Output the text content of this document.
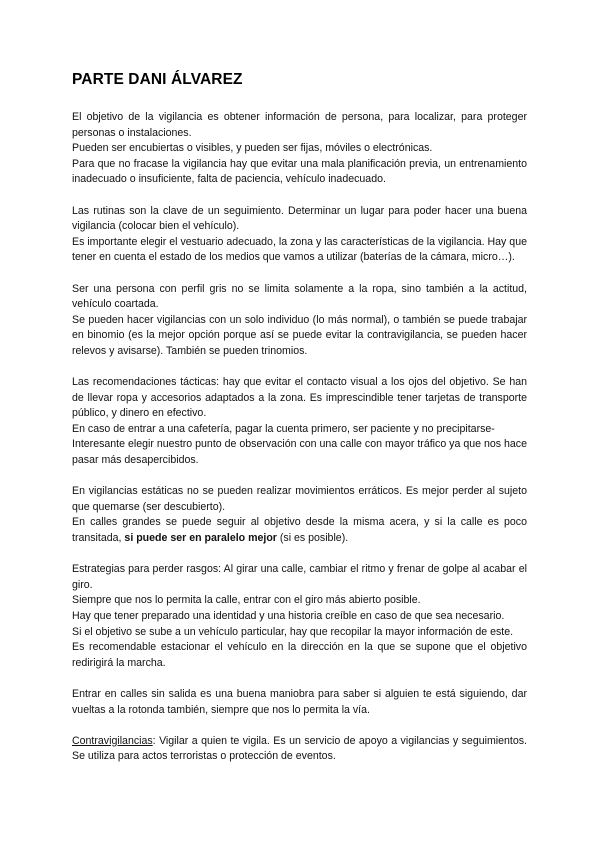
PARTE DANI ÁLVAREZ

El objetivo de la vigilancia es obtener información de persona, para localizar, para proteger personas o instalaciones.

Pueden ser encubiertas o visibles, y pueden ser fijas, móviles o electrónicas.

Para que no fracase la vigilancia hay que evitar una mala planificación previa, un entrenamiento inadecuado o insuficiente, falta de paciencia, vehículo inadecuado.

Las rutinas son la clave de un seguimiento. Determinar un lugar para poder hacer una buena vigilancia (colocar bien el vehículo).

Es importante elegir el vestuario adecuado, la zona y las características de la vigilancia. Hay que tener en cuenta el estado de los medios que vamos a utilizar (baterías de la cámara, micro…).

Ser una persona con perfil gris no se limita solamente a la ropa, sino también a la actitud, vehículo coartada.

Se pueden hacer vigilancias con un solo individuo (lo más normal), o también se puede trabajar en binomio (es la mejor opción porque así se puede evitar la contravigilancia, se pueden hacer relevos y avisarse). También se pueden trinomios.

Las recomendaciones tácticas: hay que evitar el contacto visual a los ojos del objetivo. Se han de llevar ropa y accesorios adaptados a la zona. Es imprescindible tener tarjetas de transporte público, y dinero en efectivo.

En caso de entrar a una cafetería, pagar la cuenta primero, ser paciente y no precipitarse-

Interesante elegir nuestro punto de observación con una calle con mayor tráfico ya que nos hace pasar más desapercibidos.

En vigilancias estáticas no se pueden realizar movimientos erráticos. Es mejor perder al sujeto que quemarse (ser descubierto).

En calles grandes se puede seguir al objetivo desde la misma acera, y si la calle es poco transitada, si puede ser en paralelo mejor (si es posible).

Estrategias para perder rasgos: Al girar una calle, cambiar el ritmo y frenar de golpe al acabar el giro.

Siempre que nos lo permita la calle, entrar con el giro más abierto posible.

Hay que tener preparado una identidad y una historia creíble en caso de que sea necesario.

Si el objetivo se sube a un vehículo particular, hay que recopilar la mayor información de este.

Es recomendable estacionar el vehículo en la dirección en la que se supone que el objetivo redirigirá la marcha.

Entrar en calles sin salida es una buena maniobra para saber si alguien te está siguiendo, dar vueltas a la rotonda también, siempre que nos lo permita la vía.

Contravigilancias: Vigilar a quien te vigila. Es un servicio de apoyo a vigilancias y seguimientos. Se utiliza para actos terroristas o protección de eventos.
